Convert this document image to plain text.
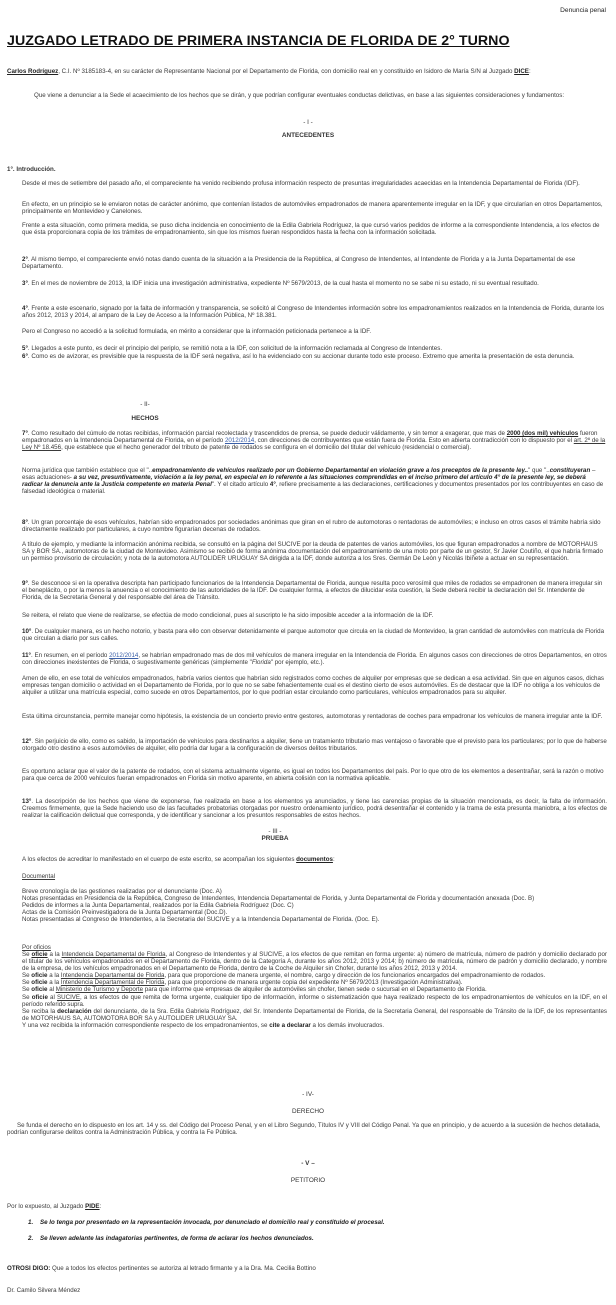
Denuncia penal
JUZGADO LETRADO DE PRIMERA INSTANCIA DE FLORIDA DE 2° TURNO
Carlos Rodríguez, C.I. Nº 3185183-4, en su carácter de Representante Nacional por el Departamento de Florida, con domicilio real en y constituido en Isidoro de María S/N al Juzgado DICE:
Que viene a denunciar a la Sede el acaecimiento de los hechos que se dirán, y que podrían configurar eventuales conductas delictivas, en base a las siguientes consideraciones y fundamentos:
- I -
ANTECEDENTES
1°. Introducción.
Desde el mes de setiembre del pasado año, el compareciente ha venido recibiendo profusa información respecto de presuntas irregularidades acaecidas en la Intendencia Departamental de Florida (IDF).
En efecto, en un principio se le enviaron notas de carácter anónimo, que contenían listados de automóviles empadronados de manera aparentemente irregular en la IDF, y que circularían en otros Departamentos, principalmente en Montevideo y Canelones.
Frente a esta situación, como primera medida, se puso dicha incidencia en conocimiento de la Edila Gabriela Rodríguez, la que cursó varios pedidos de informe a la correspondiente Intendencia, a los efectos de que ésta proporcionara copia de los trámites de empadronamiento, sin que los mismos fueran respondidos hasta la fecha con la información solicitada.
2°. Al mismo tiempo, el compareciente envió notas dando cuenta de la situación a la Presidencia de la República, al Congreso de Intendentes, al Intendente de Florida y a la Junta Departamental de ese Departamento.
3°. En el mes de noviembre de 2013, la IDF inicia una investigación administrativa, expediente Nº 5679/2013, de la cual hasta el momento no se sabe ni su estado, ni su eventual resultado.
4°. Frente a este escenario, signado por la falta de información y transparencia, se solicitó al Congreso de Intendentes información sobre los empadronamientos realizados en la Intendencia de Florida, durante los años 2012, 2013 y 2014, al amparo de la Ley de Acceso a la Información Pública, Nº 18.381.
Pero el Congreso no accedió a la solicitud formulada, en mérito a considerar que la información peticionada pertenece a la IDF.
5°. Llegados a este punto, es decir el principio del periplo, se remitió nota a la IDF, con solicitud de la información reclamada al Congreso de Intendentes.
6°. Como es de avizorar, es previsible que la respuesta de la IDF será negativa, así lo ha evidenciado con su accionar durante todo este proceso. Extremo que amerita la presentación de esta denuncia.
- II-
HECHOS
7°. Como resultado del cúmulo de notas recibidas, información parcial recolectada y trascendidos de prensa, se puede deducir válidamente, y sin temor a exagerar, que mas de 2000 (dos mil) vehículos fueron empadronados en la Intendencia Departamental de Florida, en el período 2012/2014, con direcciones de contribuyentes que están fuera de Florida. Esto en abierta contradicción con lo dispuesto por el art. 2º de la Ley Nº 18.456, que establece que el hecho generador del tributo de patente de rodados se configura en el domicilio del titular del vehículo (residencial o comercial).
Norma jurídica que también establece que el "..empadronamiento de vehículos realizado por un Gobierno Departamental en violación grave a los preceptos de la presente ley.." que "..constituyeran –esas actuaciones- a su vez, presuntivamente, violación a la ley penal, en especial en lo referente a las situaciones comprendidas en el inciso primero del artículo 4° de la presente ley, se deberá radicar la denuncia ante la Justicia competente en materia Penal". Y el citado artículo 4°, refiere precisamente a las declaraciones, certificaciones y documentos presentados por los contribuyentes en caso de falsedad ideológica o material.
8°. Un gran porcentaje de esos vehículos, habrían sido empadronados por sociedades anónimas que giran en el rubro de automotoras o rentadoras de automóviles; e incluso en otros casos el trámite habría sido directamente realizado por particulares, a cuyo nombre figurarían decenas de rodados.
A título de ejemplo, y mediante la información anónima recibida, se consultó en la página del SUCIVE por la deuda de patentes de varios automóviles, los que figuran empadronados a nombre de MOTORHAUS SA y BOR SA., automotoras de la ciudad de Montevideo. Asimismo se recibió de forma anónima documentación del empadronamiento de una moto por parte de un gestor, Sr Javier Coutiño, el que habría firmado un permiso provisorio de circulación; y nota de la automotora AUTOLIDER URUGUAY SA dirigida a la IDF, donde autoriza a los Sres. Germán De León y Nicolás Ibiñete a actuar en su representación.
9°. Se desconoce si en la operativa descripta han participado funcionarios de la Intendencia Departamental de Florida, aunque resulta poco verosímil que miles de rodados se empadronen de manera irregular sin el beneplácito, o por la menos la anuencia o el conocimiento de las autoridades de la IDF. De cualquier forma, a efectos de dilucidar esta cuestión, la Sede deberá recibir la declaración del Sr. Intendente de Florida, de la Secretaria General y del responsable del área de Tránsito.
Se reitera, el relato que viene de realizarse, se efectúa de modo condicional, pues al suscripto le ha sido imposible acceder a la información de la IDF.
10°. De cualquier manera, es un hecho notorio, y basta para ello con observar detenidamente el parque automotor que circula en la ciudad de Montevideo, la gran cantidad de automóviles con matrícula de Florida que circulan a diario por sus calles.
11°. En resumen, en el período 2012/2014, se habrían empadronado mas de dos mil vehículos de manera irregular en la Intendencia de Florida. En algunos casos con direcciones de otros Departamentos, en otros con direcciones inexistentes de Florida, o sugestivamente genéricas (simplemente "Florida" por ejemplo, etc.).
Amen de ello, en ese total de vehículos empadronados, habría varios cientos que habrían sido registrados como coches de alquiler por empresas que se dedican a esa actividad. Sin que en algunos casos, dichas empresas tengan domicilio o actividad en el Departamento de Florida, por lo que no se sabe fehacientemente cual es el destino cierto de esos automóviles. Es de destacar que la IDF no obliga a los vehículos de alquiler a utilizar una matrícula especial, como sucede en otros Departamentos, por lo que podrían estar circulando como particulares, vehículos empadronados para su alquiler.
Esta última circunstancia, permite manejar como hipótesis, la existencia de un concierto previo entre gestores, automotoras y rentadoras de coches para empadronar los vehículos de manera irregular ante la IDF.
12°. Sin perjuicio de ello, como es sabido, la importación de vehículos para destinarlos a alquiler, tiene un tratamiento tributario mas ventajoso o favorable que el previsto para los particulares; por lo que de haberse otorgado otro destino a esos automóviles de alquiler, ello podría dar lugar a la configuración de diversos delitos tributarios.
Es oportuno aclarar que el valor de la patente de rodados, con el sistema actualmente vigente, es igual en todos los Departamentos del país. Por lo que otro de los elementos a desentrañar, será la razón o motivo para que cerca de 2000 vehículos fueran empadronados en Florida sin motivo aparente, en abierta colisión con la normativa aplicable.
13°. La descripción de los hechos que viene de exponerse, fue realizada en base a los elementos ya anunciados, y tiene las carencias propias de la situación mencionada, es decir, la falta de información. Creemos firmemente, que la Sede haciendo uso de las facultades probatorias otorgadas por nuestro ordenamiento jurídico, podrá desentrañar el contenido y la trama de esta presunta maniobra, a los efectos de realizar la calificación delictual que corresponda, y de identificar y sancionar a los presuntos responsables de estos hechos.
- III -
PRUEBA
A los efectos de acreditar lo manifestado en el cuerpo de este escrito, se acompañan los siguientes documentos:
Documental
Breve cronología de las gestiones realizadas por el denunciante (Doc. A)
Notas presentadas en Presidencia de la República, Congreso de Intendentes, Intendencia Departamental de Florida, y Junta Departamental de Florida y documentación anexada (Doc. B)
Pedidos de informes a la Junta Departamental, realizados por la Edila Gabriela Rodríguez (Doc. C)
Actas de la Comisión Preinvestigadora de la Junta Departamental (Doc.D).
Notas presentadas al Congreso de Intendentes, a la Secretaria del SUCIVE y a la Intendencia Departamental de Florida. (Doc. E).
Por oficios
Se oficie a la Intendencia Departamental de Florida, al Congreso de Intendentes y al SUCIVE, a los efectos de que remitan en forma urgente: a) número de matrícula, número de padrón y domicilio declarado por el titular de los vehículos empadronados en el Departamento de Florida, dentro de la Categoría A, durante los años 2012, 2013 y 2014; b) número de matrícula, número de padrón y domicilio declarado, y nombre de la empresa, de los vehículos empadronados en el Departamento de Florida, dentro de la Coche de Alquiler sin Chofer, durante los años 2012, 2013 y 2014.
Se oficie a la Intendencia Departamental de Florida, para que proporcione de manera urgente, el nombre, cargo y dirección de los funcionarios encargados del empadronamiento de rodados.
Se oficie a la Intendencia Departamental de Florida, para que proporcione de manera urgente copia del expediente Nº 5679/2013 (Investigación Administrativa).
Se oficie al Ministerio de Turismo y Deporte para que informe que empresas de alquiler de automóviles sin chofer, tienen sede o sucursal en el Departamento de Florida.
Se oficie al SUCIVE, a los efectos de que remita de forma urgente, cualquier tipo de información, informe o sistematización que haya realizado respecto de los empadronamientos de vehículos en la IDF, en el período referido supra.
Se reciba la declaración del denunciante, de la Sra. Edila Gabriela Rodríguez, del Sr. Intendente Departamental de Florida, de la Secretaria General, del responsable de Tránsito de la IDF, de los representantes de MOTORHAUS SA, AUTOMOTORA BOR SA y AUTOLIDER URUGUAY SA.
Y una vez recibida la información correspondiente respecto de los empadronamientos, se cite a declarar a los demás involucrados.
- IV-
DERECHO
Se funda el derecho en lo dispuesto en los art. 14 y ss. del Código del Proceso Penal, y en el Libro Segundo, Títulos IV y VIII del Código Penal. Ya que en principio, y de acuerdo a la sucesión de hechos detallada, podrían configurarse delitos contra la Administración Pública, y contra la Fe Pública.
- V –
PETITORIO
Por lo expuesto, al Juzgado PIDE:
1. Se lo tenga por presentado en la representación invocada, por denunciado el domicilio real y constituido el procesal.
2. Se lleven adelante las indagatorias pertinentes, de forma de aclarar los hechos denunciados.
OTROSI DIGO: Que a todos los efectos pertinentes se autoriza al letrado firmante y a la Dra. Ma. Cecilia Bottino
Dr. Camilo Silvera Méndez
